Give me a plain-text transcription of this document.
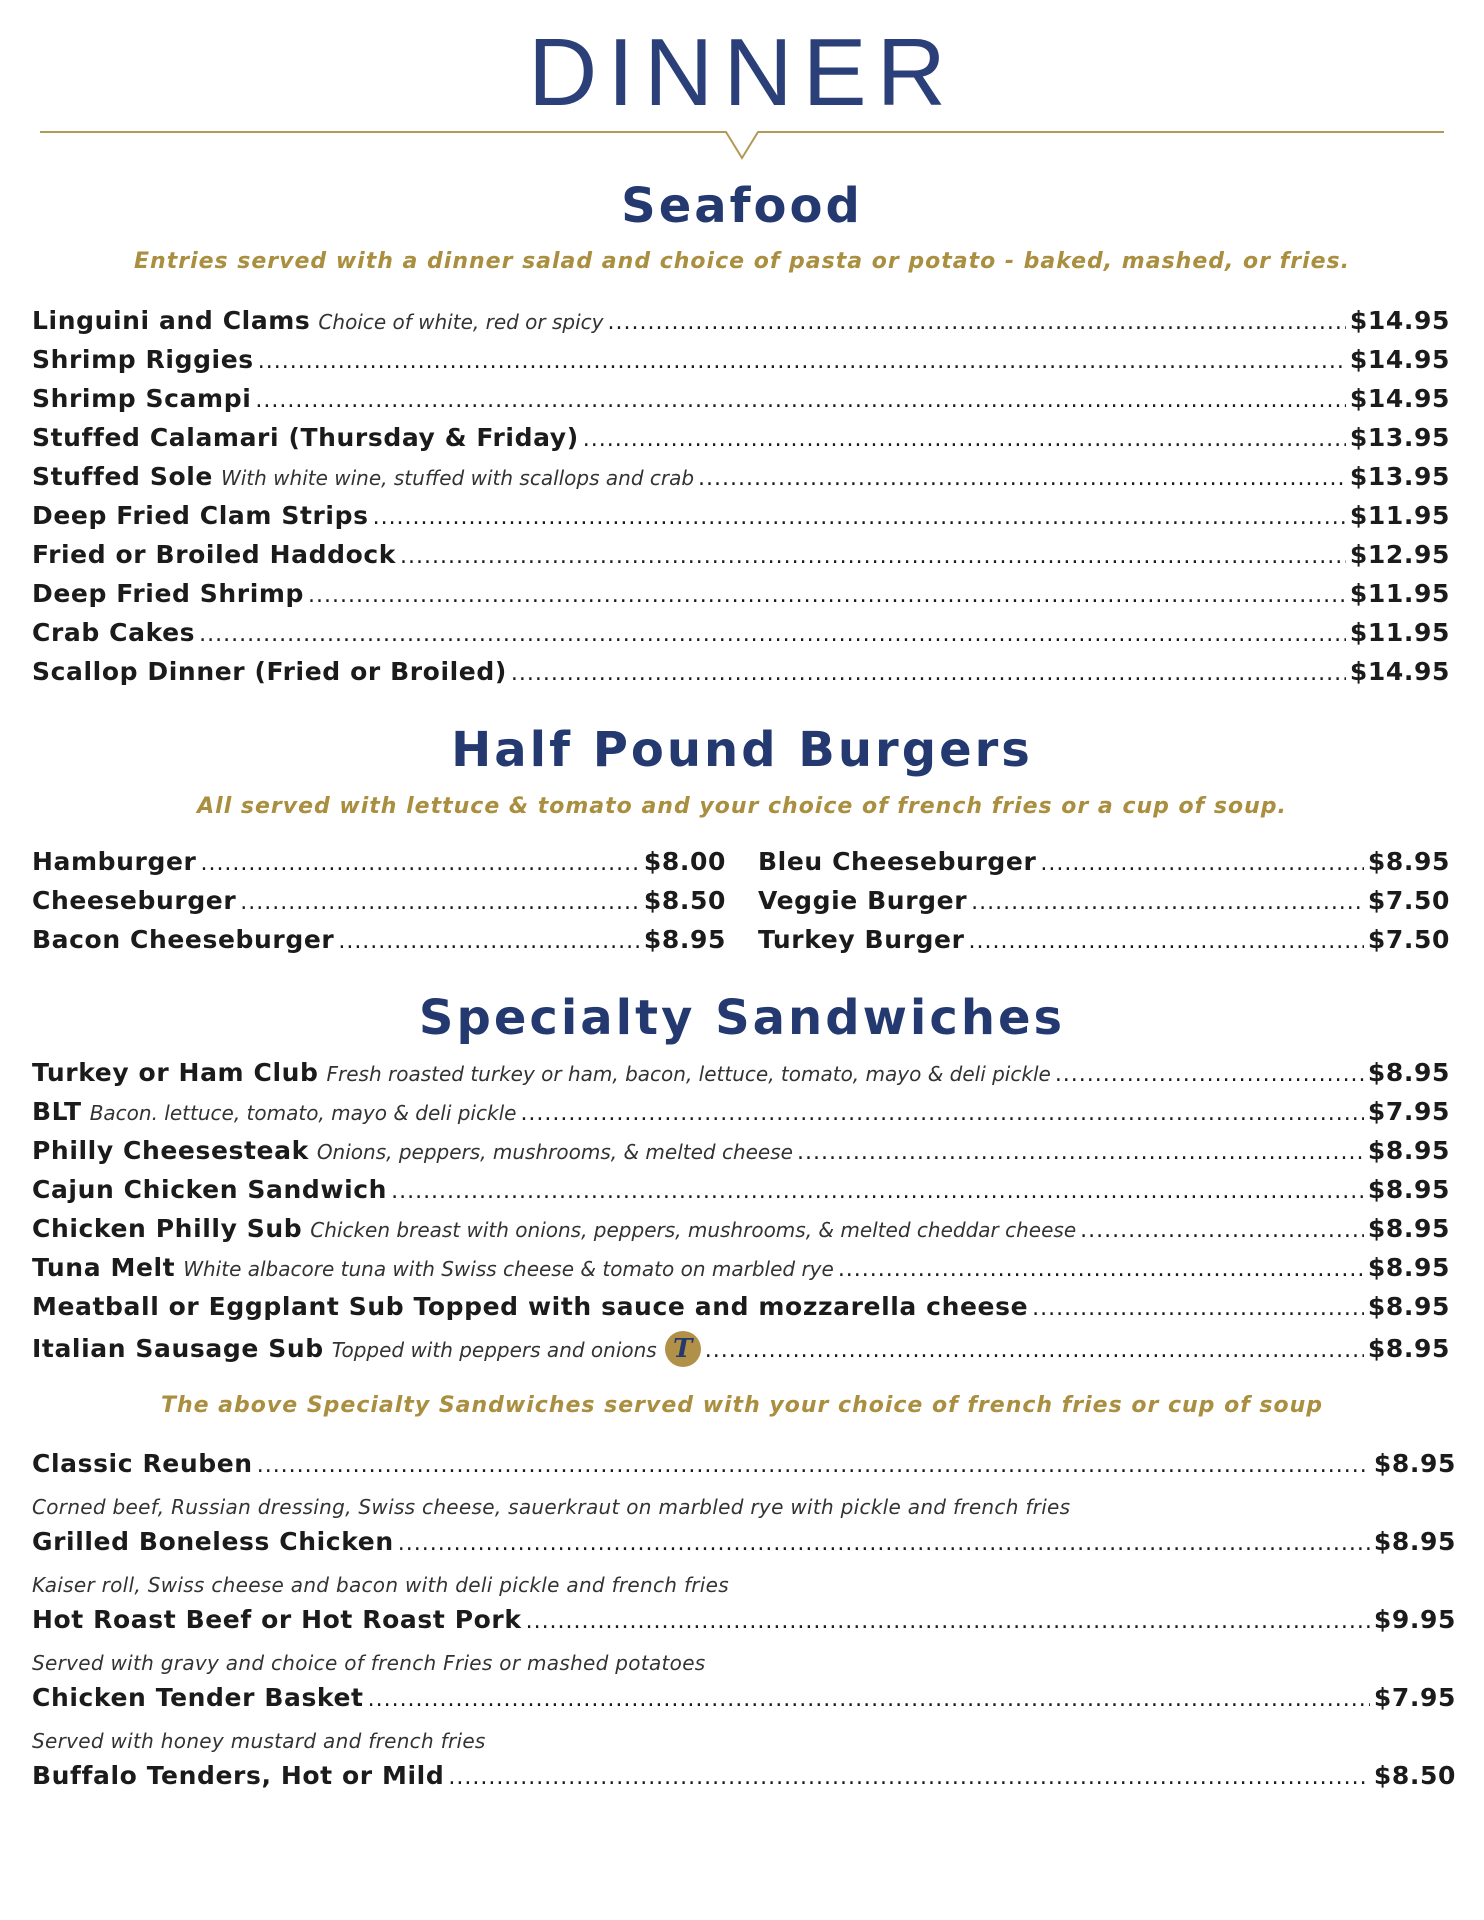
DINNER
Seafood
Entries served with a dinner salad and choice of pasta or potato - baked, mashed, or fries.
Linguini and Clams Choice of white, red or spicy .....	$14.95
Shrimp Riggies .....	$14.95
Shrimp Scampi .....	$14.95
Stuffed Calamari (Thursday & Friday) .....	$13.95
Stuffed Sole With white wine, stuffed with scallops and crab .....	$13.95
Deep Fried Clam Strips .....	$11.95
Fried or Broiled Haddock .....	$12.95
Deep Fried Shrimp .....	$11.95
Crab Cakes .....	$11.95
Scallop Dinner (Fried or Broiled) .....	$14.95
Half Pound Burgers
All served with lettuce & tomato and your choice of french fries or a cup of soup.
Hamburger .....	$8.00
Cheeseburger .....	$8.50
Bacon Cheeseburger .....	$8.95
Bleu Cheeseburger .....	$8.95
Veggie Burger .....	$7.50
Turkey Burger .....	$7.50
Specialty Sandwiches
Turkey or Ham Club Fresh roasted turkey or ham, bacon, lettuce, tomato, mayo & deli pickle .....	$8.95
BLT Bacon. lettuce, tomato, mayo & deli pickle .....	$7.95
Philly Cheesesteak Onions, peppers, mushrooms, & melted cheese .....	$8.95
Cajun Chicken Sandwich .....	$8.95
Chicken Philly Sub Chicken breast with onions, peppers, mushrooms, & melted cheddar cheese .....	$8.95
Tuna Melt White albacore tuna with Swiss cheese & tomato on marbled rye .....	$8.95
Meatball or Eggplant Sub Topped with sauce and mozzarella cheese .....	$8.95
Italian Sausage Sub Topped with peppers and onions T .....	$8.95
The above Specialty Sandwiches served with your choice of french fries or cup of soup
Classic Reuben .....	$8.95
Corned beef, Russian dressing, Swiss cheese, sauerkraut on marbled rye with pickle and french fries
Grilled Boneless Chicken .....	$8.95
Kaiser roll, Swiss cheese and bacon with deli pickle and french fries
Hot Roast Beef or Hot Roast Pork .....	$9.95
Served with gravy and choice of french Fries or mashed potatoes
Chicken Tender Basket .....	$7.95
Served with honey mustard and french fries
Buffalo Tenders, Hot or Mild .....	$8.50
